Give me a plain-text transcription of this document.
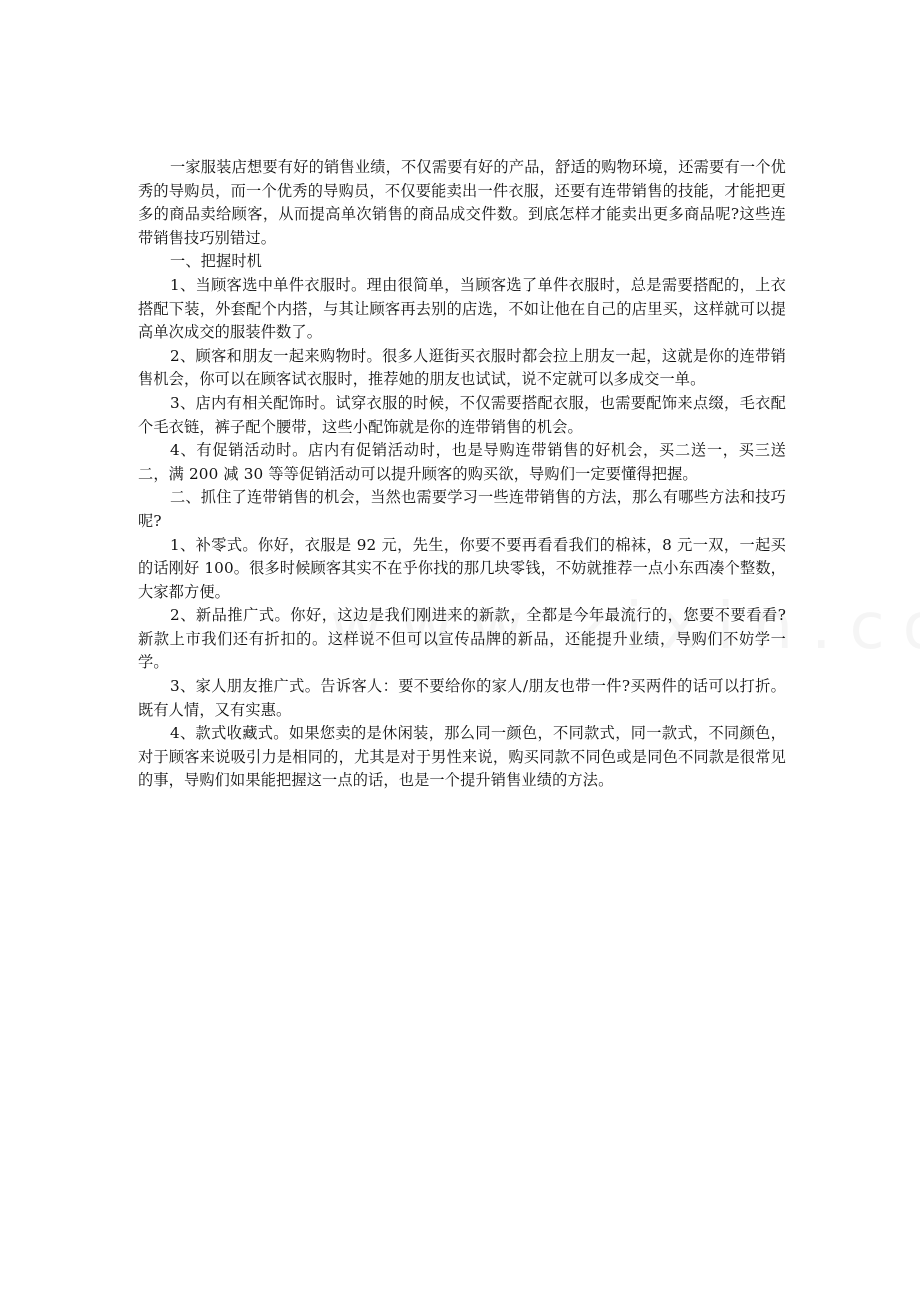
一家服装店想要有好的销售业绩，不仅需要有好的产品，舒适的购物环境，还需要有一个优秀的导购员，而一个优秀的导购员，不仅要能卖出一件衣服，还要有连带销售的技能，才能把更多的商品卖给顾客，从而提高单次销售的商品成交件数。到底怎样才能卖出更多商品呢?这些连带销售技巧别错过。

一、把握时机

1、当顾客选中单件衣服时。理由很简单，当顾客选了单件衣服时，总是需要搭配的，上衣搭配下装，外套配个内搭，与其让顾客再去别的店选，不如让他在自己的店里买，这样就可以提高单次成交的服装件数了。

2、顾客和朋友一起来购物时。很多人逛街买衣服时都会拉上朋友一起，这就是你的连带销售机会，你可以在顾客试衣服时，推荐她的朋友也试试，说不定就可以多成交一单。

3、店内有相关配饰时。试穿衣服的时候，不仅需要搭配衣服，也需要配饰来点缀，毛衣配个毛衣链，裤子配个腰带，这些小配饰就是你的连带销售的机会。

4、有促销活动时。店内有促销活动时，也是导购连带销售的好机会，买二送一，买三送二，满 200 减 30 等等促销活动可以提升顾客的购买欲，导购们一定要懂得把握。

二、抓住了连带销售的机会，当然也需要学习一些连带销售的方法，那么有哪些方法和技巧呢?

1、补零式。你好，衣服是 92 元，先生，你要不要再看看我们的棉袜，8 元一双，一起买的话刚好 100。很多时候顾客其实不在乎你找的那几块零钱，不妨就推荐一点小东西凑个整数，大家都方便。

2、新品推广式。你好，这边是我们刚进来的新款，全都是今年最流行的，您要不要看看?新款上市我们还有折扣的。这样说不但可以宣传品牌的新品，还能提升业绩，导购们不妨学一学。

3、家人朋友推广式。告诉客人：要不要给你的家人/朋友也带一件?买两件的话可以打折。既有人情，又有实惠。

4、款式收藏式。如果您卖的是休闲装，那么同一颜色，不同款式，同一款式，不同颜色，对于顾客来说吸引力是相同的，尤其是对于男性来说，购买同款不同色或是同色不同款是很常见的事，导购们如果能把握这一点的话，也是一个提升销售业绩的方法。
